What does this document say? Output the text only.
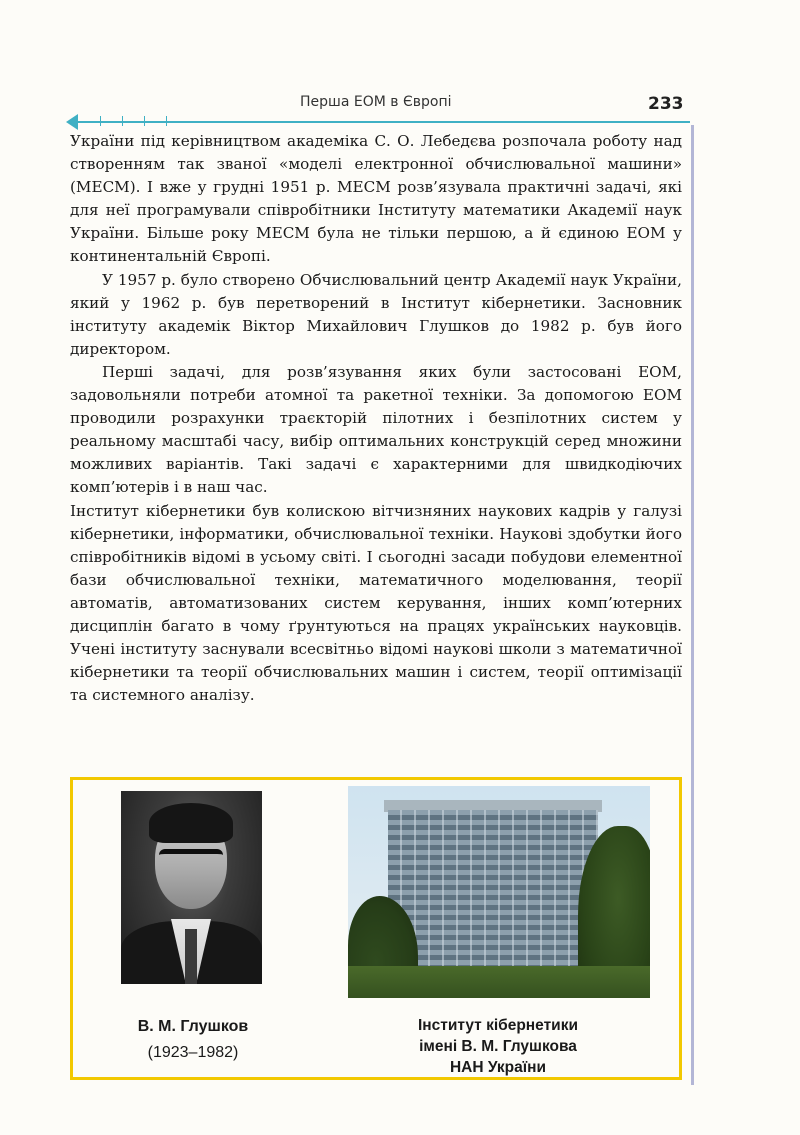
Перша ЕОМ в Європі	233

України під керівництвом академіка С. О. Лебедєва розпочала роботу над створенням так званої «моделі електронної обчислювальної машини» (МЕСМ). І вже у грудні 1951 р. МЕСМ розв’язувала практичні задачі, які для неї програмували співробітники Інституту математики Академії наук України. Більше року МЕСМ була не тільки першою, а й єдиною ЕОМ у континентальній Європі.

У 1957 р. було створено Обчислювальний центр Академії наук України, який у 1962 р. був перетворений в Інститут кібернетики. Засновник інституту академік Віктор Михайлович Глушков до 1982 р. був його директором.

Перші задачі, для розв’язування яких були застосовані ЕОМ, задовольняли потреби атомної та ракетної техніки. За допомогою ЕОМ проводили розрахунки траєкторій пілотних і безпілотних систем у реальному масштабі часу, вибір оптимальних конструкцій серед множини можливих варіантів. Такі задачі є характерними для швидкодіючих комп’ютерів і в наш час.

Інститут кібернетики був колискою вітчизняних наукових кадрів у галузі кібернетики, інформатики, обчислювальної техніки. Наукові здобутки його співробітників відомі в усьому світі. І сьогодні засади побудови елементної бази обчислювальної техніки, математичного моделювання, теорії автоматів, автоматизованих систем керування, інших комп’ютерних дисциплін багато в чому ґрунтуються на працях українських науковців. Учені інституту заснували всесвітньо відомі наукові школи з математичної кібернетики та теорії обчислювальних машин і систем, теорії оптимізації та системного аналізу.

В. М. Глушков
(1923–1982)
Інститут кібернетики
імені В. М. Глушкова
НАН України
